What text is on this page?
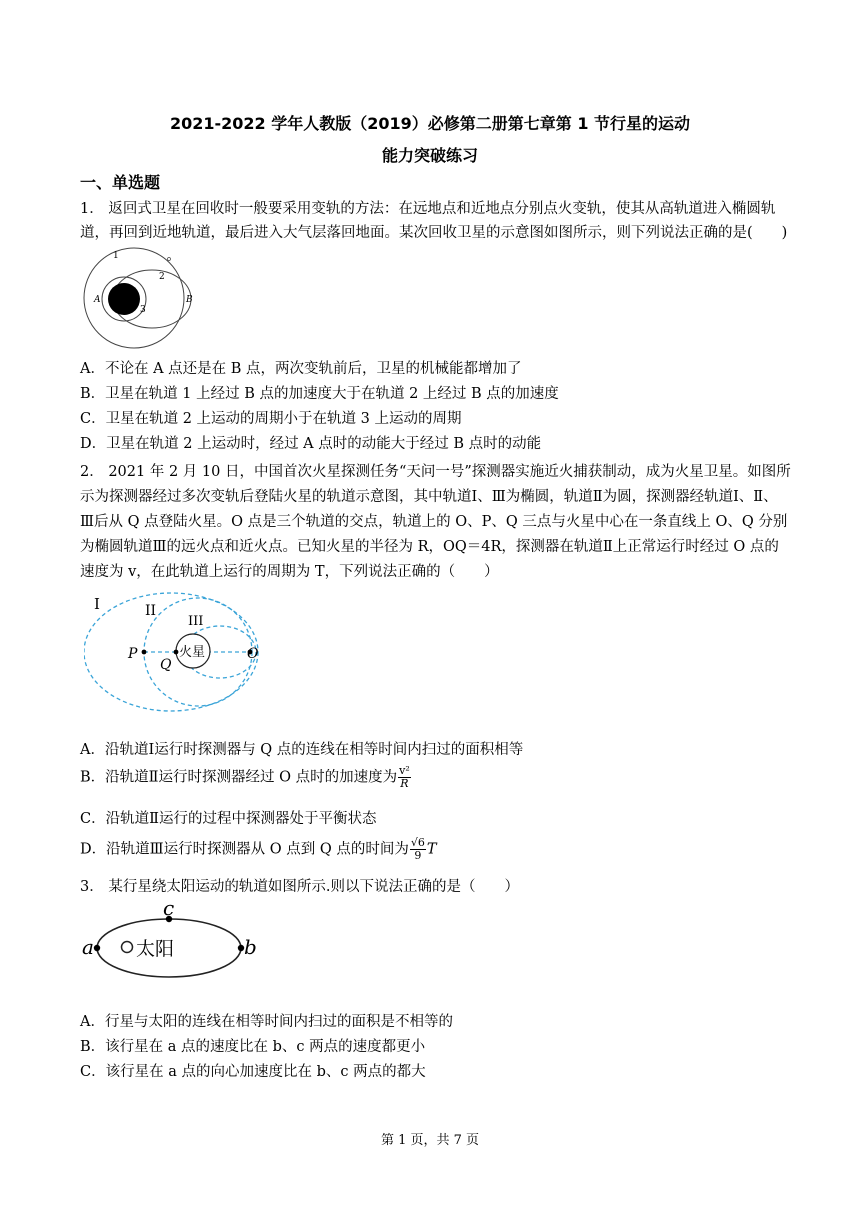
2021-2022 学年人教版（2019）必修第二册第七章第 1 节行星的运动
能力突破练习
一、单选题
1． 返回式卫星在回收时一般要采用变轨的方法：在远地点和近地点分别点火变轨，使其从高轨道进入椭圆轨
道，再回到近地轨道，最后进入大气层落回地面。某次回收卫星的示意图如图所示，则下列说法正确的是(　　)
1
2
3
A	B
A．不论在 A 点还是在 B 点，两次变轨前后，卫星的机械能都增加了
B．卫星在轨道 1 上经过 B 点的加速度大于在轨道 2 上经过 B 点的加速度
C．卫星在轨道 2 上运动的周期小于在轨道 3 上运动的周期
D．卫星在轨道 2 上运动时，经过 A 点时的动能大于经过 B 点时的动能
2． 2021 年 2 月 10 日，中国首次火星探测任务“天问一号”探测器实施近火捕获制动，成为火星卫星。如图所
示为探测器经过多次变轨后登陆火星的轨道示意图，其中轨道Ⅰ、Ⅲ为椭圆，轨道Ⅱ为圆，探测器经轨道Ⅰ、Ⅱ、
Ⅲ后从 Q 点登陆火星。O 点是三个轨道的交点，轨道上的 O、P、Q 三点与火星中心在一条直线上 O、Q 分别
为椭圆轨道Ⅲ的远火点和近火点。已知火星的半径为 R，OQ＝4R，探测器在轨道Ⅱ上正常运行时经过 O 点的
速度为 v，在此轨道上运行的周期为 T，下列说法正确的（　　）
I	II
III
P
Q
O
火星
A．沿轨道Ⅰ运行时探测器与 Q 点的连线在相等时间内扫过的面积相等
B．沿轨道Ⅱ运行时探测器经过 O 点时的加速度为 $\frac{\text{v²}}{R}$
C．沿轨道Ⅱ运行的过程中探测器处于平衡状态
D．沿轨道Ⅲ运行时探测器从 O 点到 Q 点的时间为 $\frac{√6}{9}$ T
3． 某行星绕太阳运动的轨道如图所示.则以下说法正确的是（　　）
a	b
c
太阳
A．行星与太阳的连线在相等时间内扫过的面积是不相等的
B．该行星在 a 点的速度比在 b、c 两点的速度都更小
C．该行星在 a 点的向心加速度比在 b、c 两点的都大
第 1 页，共 7 页
